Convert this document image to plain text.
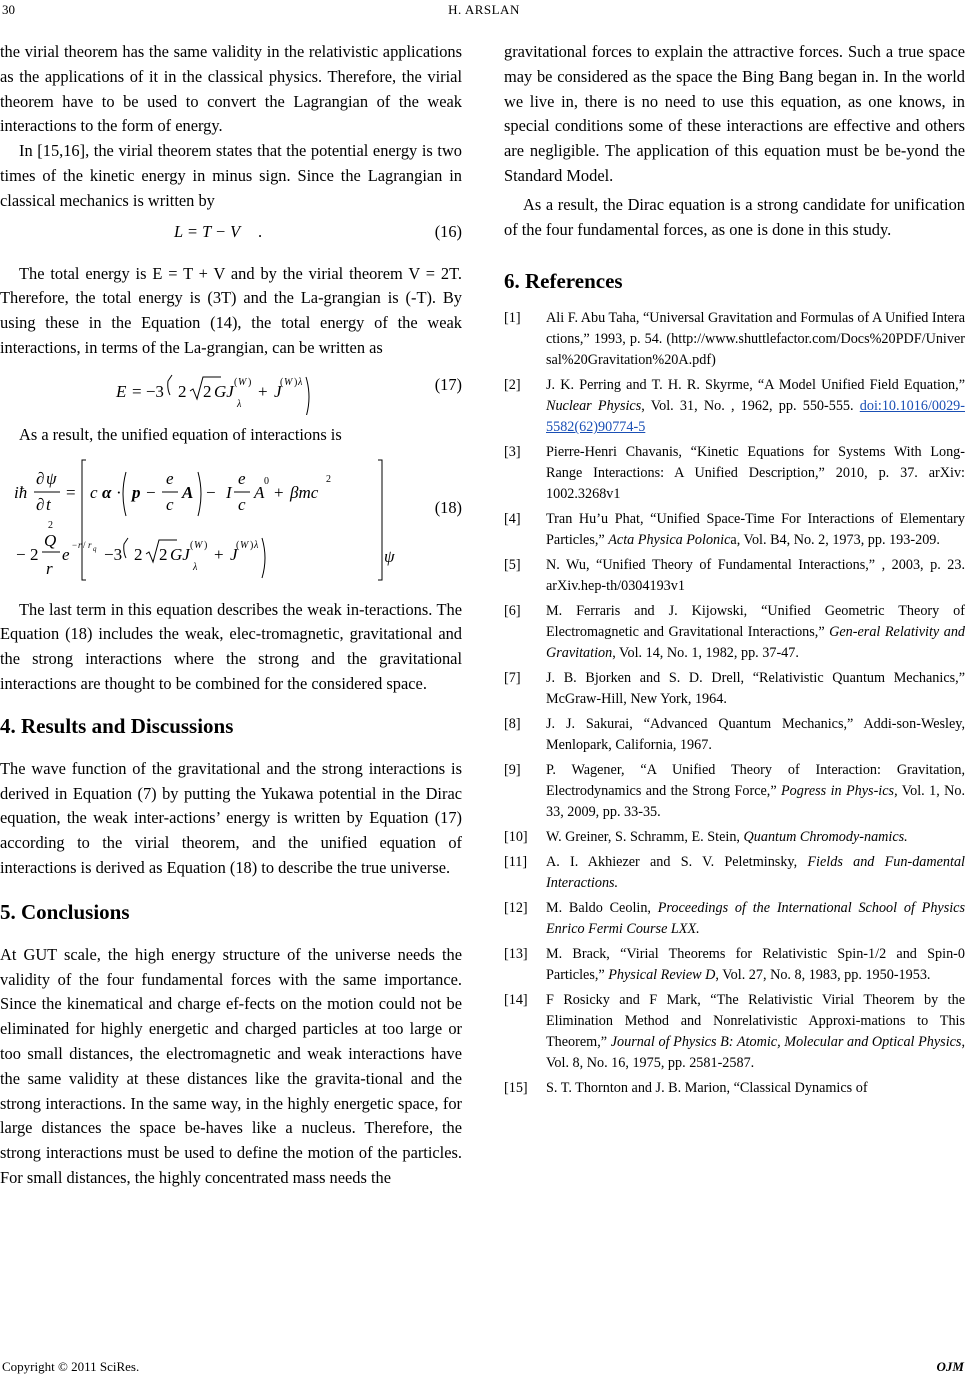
30	H. ARSLAN

the virial theorem has the same validity in the relativistic applications as the applications of it in the classical physics. Therefore, the virial theorem have to be used to convert the Lagrangian of the weak interactions to the form of energy.

In [15,16], the virial theorem states that the potential energy is two times of the kinetic energy in minus sign. Since the Lagrangian in classical mechanics is written by

L = T − V .	(16)

The total energy is E = T + V and by the virial theorem V = 2T. Therefore, the total energy is (3T) and the La-grangian is (-T). By using these in the Equation (14), the total energy of the weak interactions, in terms of the La-grangian, can be written as

E = −3 2 2 GJ ( W )
λ
+ J
( W ) λ	(17)

As a result, the unified equation of interactions is

iħ
∂ ψ
∂ t
= c α · p −
e
c
A −
e
c
I A
0
+ βmc
2
− 2
Q
2
r
e − r / r q −3 2 2 GJ ( W )
λ
+ J
( W ) λ
ψ
(18)

The last term in this equation describes the weak in-teractions. The Equation (18) includes the weak, elec-tromagnetic, gravitational and the strong interactions where the strong and the gravitational interactions are thought to be combined for the considered space.

4. Results and Discussions

The wave function of the gravitational and the strong interactions is derived in Equation (7) by putting the Yukawa potential in the Dirac equation, the weak inter-actions’ energy is written by Equation (17) according to the virial theorem, and the unified equation of interactions is derived as Equation (18) to describe the true universe.

5. Conclusions

At GUT scale, the high energy structure of the universe needs the validity of the four fundamental forces with the same importance. Since the kinematical and charge ef-fects on the motion could not be eliminated for highly energetic and charged particles at too large or too small distances, the electromagnetic and weak interactions have the same validity at these distances like the gravita-tional and the strong interactions. In the same way, in the highly energetic space, for large distances the space be-haves like a nucleus. Therefore, the strong interactions must be used to define the motion of the particles. For small distances, the highly concentrated mass needs the

gravitational forces to explain the attractive forces. Such a true space may be considered as the space the Bing Bang began in. In the world we live in, there is no need to use this equation, as one knows, in special conditions some of these interactions are effective and others are negligible. The application of this equation must be be-yond the Standard Model.

As a result, the Dirac equation is a strong candidate for unification of the four fundamental forces, as one is done in this study.

6. References
[1]	Ali F. Abu Taha, “Universal Gravitation and Formulas of A Unified Interactions,” 1993, p. 54. (http://www.shuttlefactor.com/Docs%20PDF/Universal%20Gravitation%20A.pdf)
[2]	J. K. Perring and T. H. R. Skyrme, “A Model Unified Field Equation,” Nuclear Physics, Vol. 31, No. , 1962, pp. 550-555. doi:10.1016/0029-5582(62)90774-5
[3]	Pierre-Henri Chavanis, “Kinetic Equations for Systems With Long-Range Interactions: A Unified Description,” 2010, p. 37. arXiv: 1002.3268v1
[4]	Tran Hu’u Phat, “Unified Space-Time For Interactions of Elementary Particles,” Acta Physica Polonica, Vol. B4, No. 2, 1973, pp. 193-209.
[5]	N. Wu, “Unified Theory of Fundamental Interactions,” , 2003, p. 23. arXiv.hep-th/0304193v1
[6]	M. Ferraris and J. Kijowski, “Unified Geometric Theory of Electromagnetic and Gravitational Interactions,” Gen-eral Relativity and Gravitation, Vol. 14, No. 1, 1982, pp. 37-47.
[7]	J. B. Bjorken and S. D. Drell, “Relativistic Quantum Mechanics,” McGraw-Hill, New York, 1964.
[8]	J. J. Sakurai, “Advanced Quantum Mechanics,” Addi-son-Wesley, Menlopark, California, 1967.
[9]	P. Wagener, “A Unified Theory of Interaction: Gravitation, Electrodynamics and the Strong Force,” Pogress in Phys-ics, Vol. 1, No. 33, 2009, pp. 33-35.
[10]	W. Greiner, S. Schramm, E. Stein, Quantum Chromody-namics.
[11]	A. I. Akhiezer and S. V. Peletminsky, Fields and Fun-damental Interactions.
[12]	M. Baldo Ceolin, Proceedings of the International School of Physics Enrico Fermi Course LXX.
[13]	M. Brack, “Virial Theorems for Relativistic Spin-1/2 and Spin-0 Particles,” Physical Review D, Vol. 27, No. 8, 1983, pp. 1950-1953.
[14]	F Rosicky and F Mark, “The Relativistic Virial Theorem by the Elimination Method and Nonrelativistic Approxi-mations to This Theorem,” Journal of Physics B: Atomic, Molecular and Optical Physics, Vol. 8, No. 16, 1975, pp. 2581-2587.
[15]	S. T. Thornton and J. B. Marion, “Classical Dynamics of
Copyright © 2011 SciRes.	OJM
